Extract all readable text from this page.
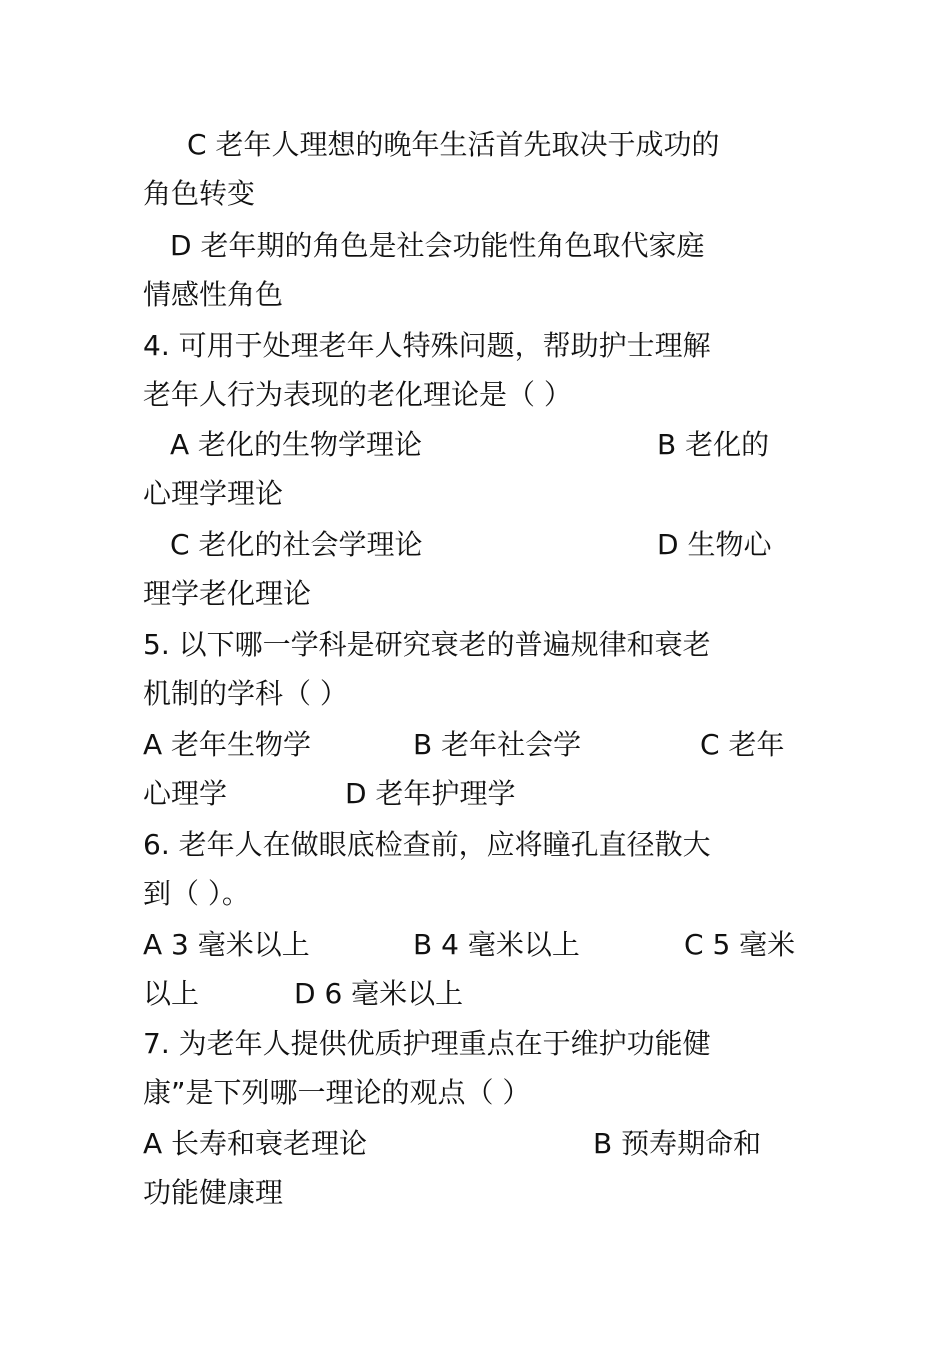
C 老年人理想的晚年生活首先取决于成功的
角色转变
D 老年期的角色是社会功能性角色取代家庭
情感性角色
4. 可用于处理老年人特殊问题，帮助护士理解
老年人行为表现的老化理论是（ ）
A 老化的生物学理论	B 老化的
心理学理论
C 老化的社会学理论	D 生物心
理学老化理论
5. 以下哪一学科是研究衰老的普遍规律和衰老
机制的学科（ ）
A 老年生物学	B 老年社会学	C 老年
心理学	D 老年护理学
6. 老年人在做眼底检查前，应将瞳孔直径散大
到（ ）。
A 3 毫米以上	B 4 毫米以上	C 5 毫米
以上	D 6 毫米以上
7. 为老年人提供优质护理重点在于维护功能健
康”是下列哪一理论的观点（ ）
A 长寿和衰老理论	B 预寿期命和
功能健康理
